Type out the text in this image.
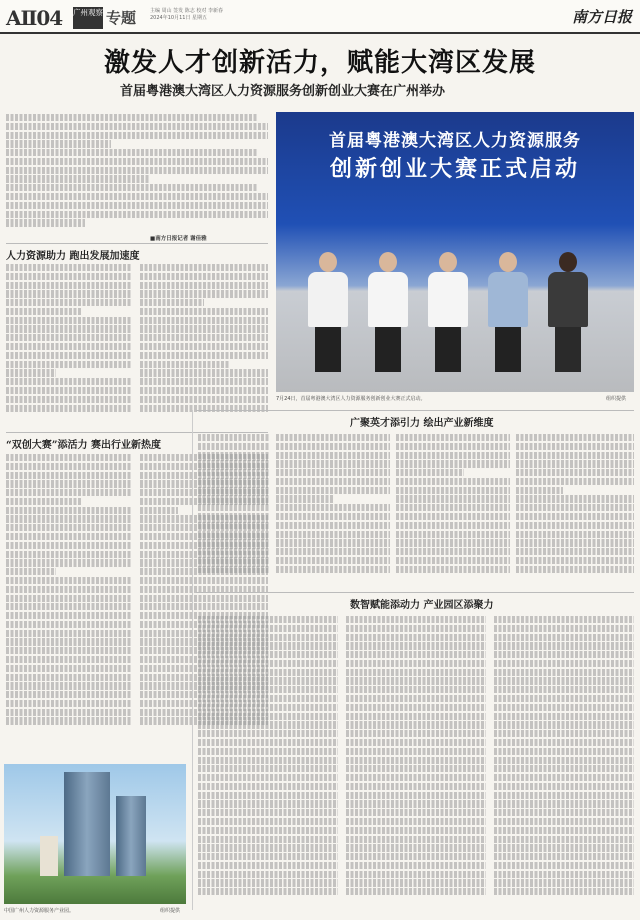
AⅡ04 广州观察 专题	主编 周山 签发 陈志 校对 李新春
2024年10月11日 星期五	南方日报
激发人才创新活力，赋能大湾区发展
首届粤港澳大湾区人力资源服务创新创业大赛在广州举办
■南方日报记者 谢佳雅
人力资源助力 跑出发展加速度
“双创大赛”添活力 赛出行业新热度
首届粤港澳大湾区人力资源服务
创新创业大赛正式启动
7月24日，首届粤港澳大湾区人力资源服务创新创业大赛正式启动。	组织提供
广聚英才添引力 绘出产业新维度
数智赋能添动力 产业园区添聚力
中国广州人力资源服务产业园。	组织提供
